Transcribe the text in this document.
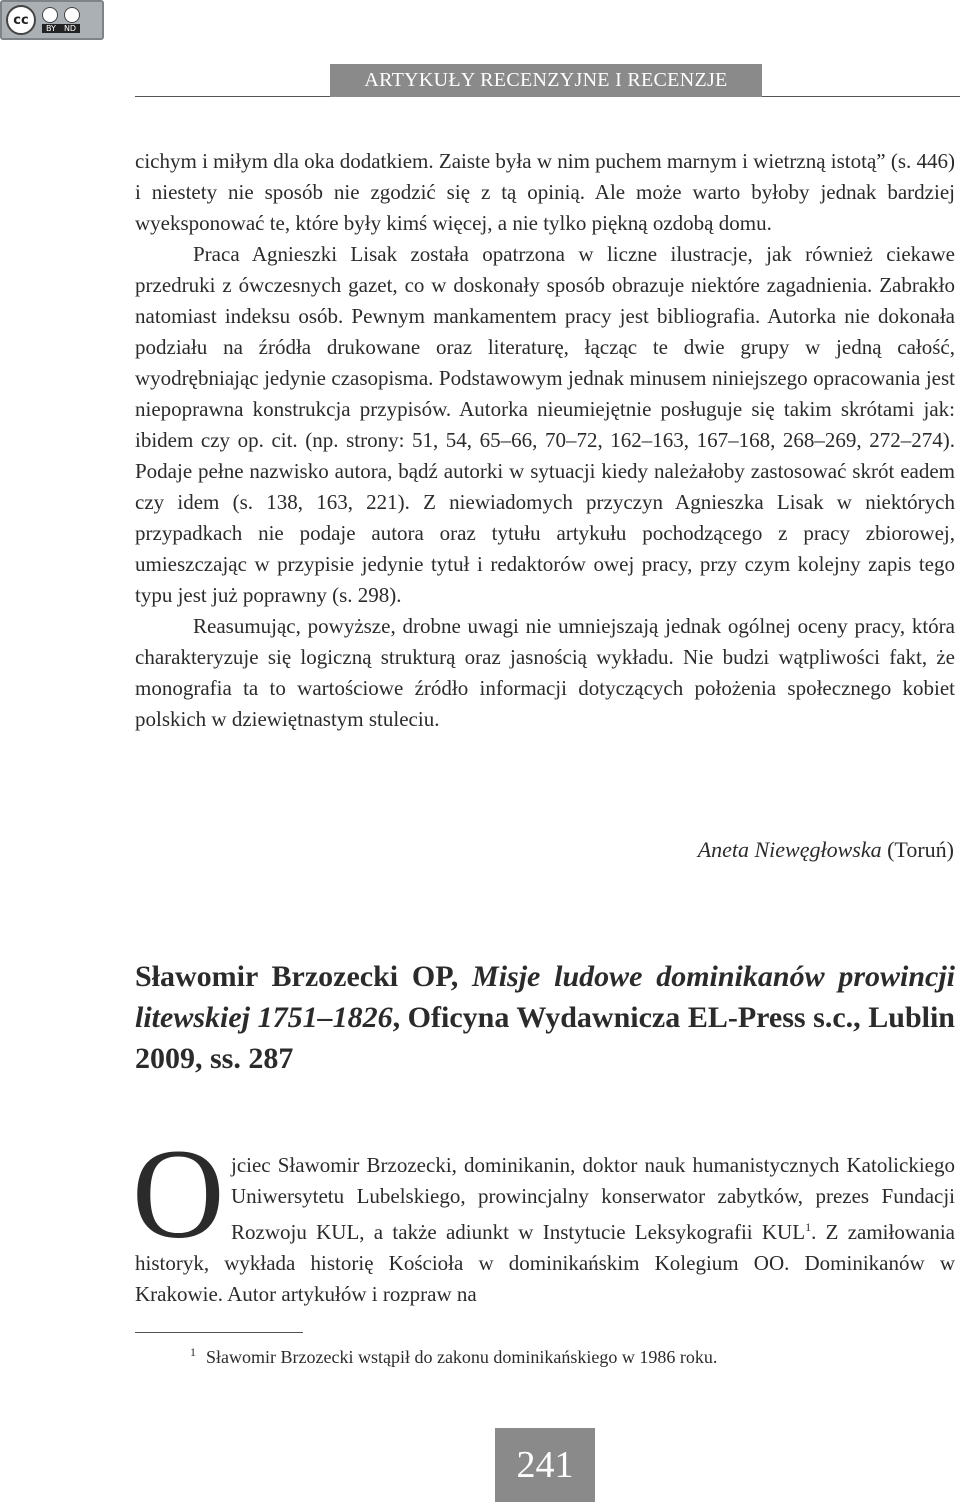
cc
BY ND
ARTYKUŁY RECENZYJNE I RECENZJE

cichym i miłym dla oka dodatkiem. Zaiste była w nim puchem marnym i wietrzną istotą” (s. 446) i niestety nie sposób nie zgodzić się z tą opinią. Ale może warto byłoby jednak bardziej wyeksponować te, które były kimś więcej, a nie tylko piękną ozdobą domu.

Praca Agnieszki Lisak została opatrzona w liczne ilustracje, jak również ciekawe przedruki z ówczesnych gazet, co w doskonały sposób obrazuje niektóre zagadnienia. Zabrakło natomiast indeksu osób. Pewnym mankamentem pracy jest bibliografia. Autorka nie dokonała podziału na źródła drukowane oraz literaturę, łącząc te dwie grupy w jedną całość, wyodrębniając jedynie czasopisma. Podstawowym jednak minusem niniejszego opracowania jest niepoprawna konstrukcja przypisów. Autorka nieumiejętnie posługuje się takim skrótami jak: ibidem czy op. cit. (np. strony: 51, 54, 65–66, 70–72, 162–163, 167–168, 268–269, 272–274). Podaje pełne nazwisko autora, bądź autorki w sytuacji kiedy należałoby zastosować skrót eadem czy idem (s. 138, 163, 221). Z niewiadomych przyczyn Agnieszka Lisak w niektórych przypadkach nie podaje autora oraz tytułu artykułu pochodzącego z pracy zbiorowej, umieszczając w przypisie jedynie tytuł i redaktorów owej pracy, przy czym kolejny zapis tego typu jest już poprawny (s. 298).

Reasumując, powyższe, drobne uwagi nie umniejszają jednak ogólnej oceny pracy, która charakteryzuje się logiczną strukturą oraz jasnością wykładu. Nie budzi wątpliwości fakt, że monografia ta to wartościowe źródło informacji dotyczących położenia społecznego kobiet polskich w dziewiętnastym stuleciu.

Aneta Niewęgłowska (Toruń)
Sławomir Brzozecki OP, Misje ludowe dominikanów prowincji litewskiej 1751–1826, Oficyna Wydawnicza EL-Press s.c., Lublin 2009, ss. 287
O jciec Sławomir Brzozecki, dominikanin, doktor nauk humanistycznych Katolickiego Uniwersytetu Lubelskiego, prowincjalny konserwator zabytków, prezes Fundacji Rozwoju KUL, a także adiunkt w Instytucie Leksykografii KUL$^1$. Z zamiłowania historyk, wykłada historię Kościoła w dominikańskim Kolegium OO. Dominikanów w Krakowie. Autor artykułów i rozpraw na

$^1$ Sławomir Brzozecki wstąpił do zakonu dominikańskiego w 1986 roku.
241
